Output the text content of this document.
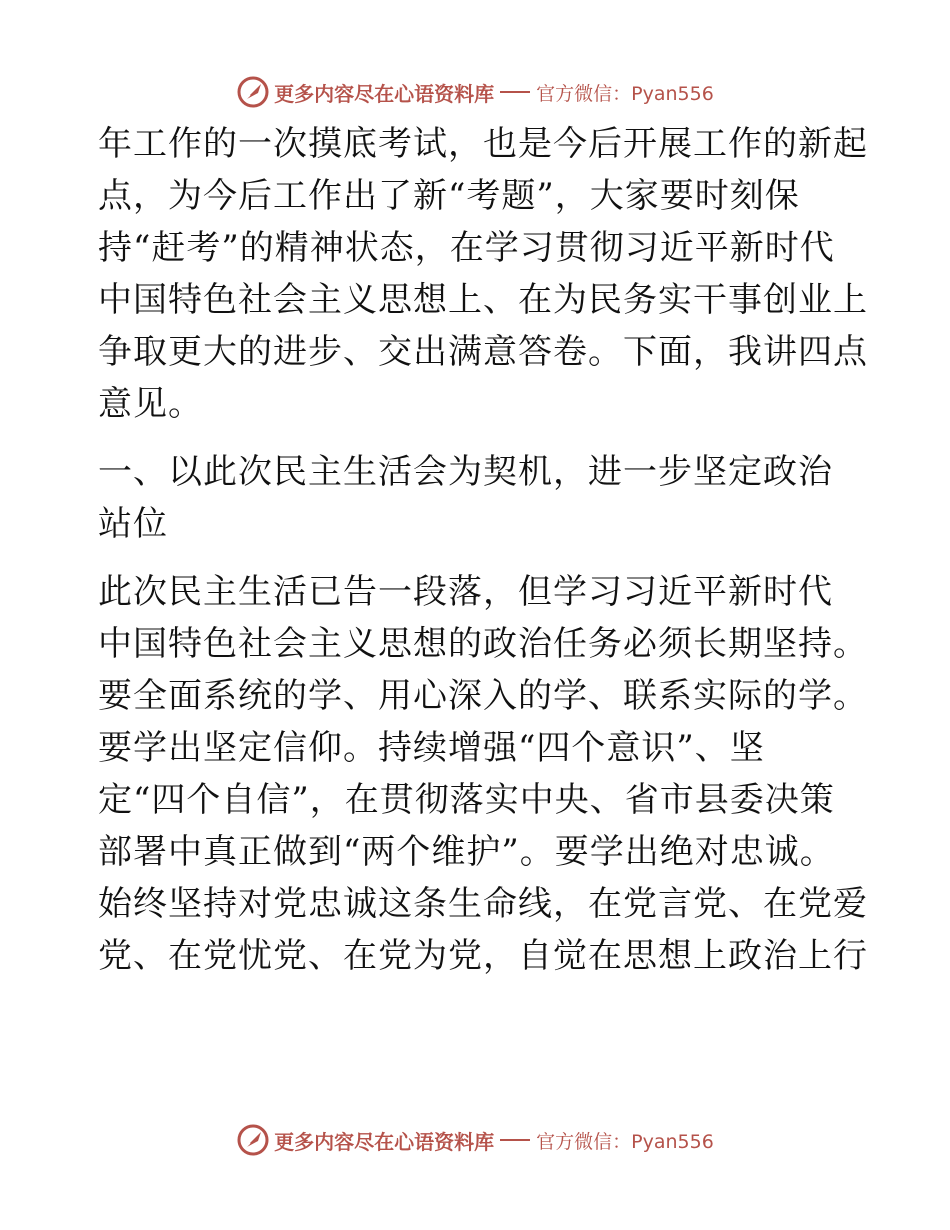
更多内容尽在心语资料库 官方微信：Pyan556
年工作的一次摸底考试，也是今后开展工作的新起
点，为今后工作出了新“考题”，大家要时刻保
持“赶考”的精神状态，在学习贯彻习近平新时代
中国特色社会主义思想上、在为民务实干事创业上
争取更大的进步、交出满意答卷。下面，我讲四点
意见。
一、以此次民主生活会为契机，进一步坚定政治
站位
此次民主生活已告一段落，但学习习近平新时代
中国特色社会主义思想的政治任务必须长期坚持。
要全面系统的学、用心深入的学、联系实际的学。
要学出坚定信仰。持续增强“四个意识”、坚
定“四个自信”，在贯彻落实中央、省市县委决策
部署中真正做到“两个维护”。要学出绝对忠诚。
始终坚持对党忠诚这条生命线，在党言党、在党爱
党、在党忧党、在党为党，自觉在思想上政治上行
更多内容尽在心语资料库 官方微信：Pyan556
